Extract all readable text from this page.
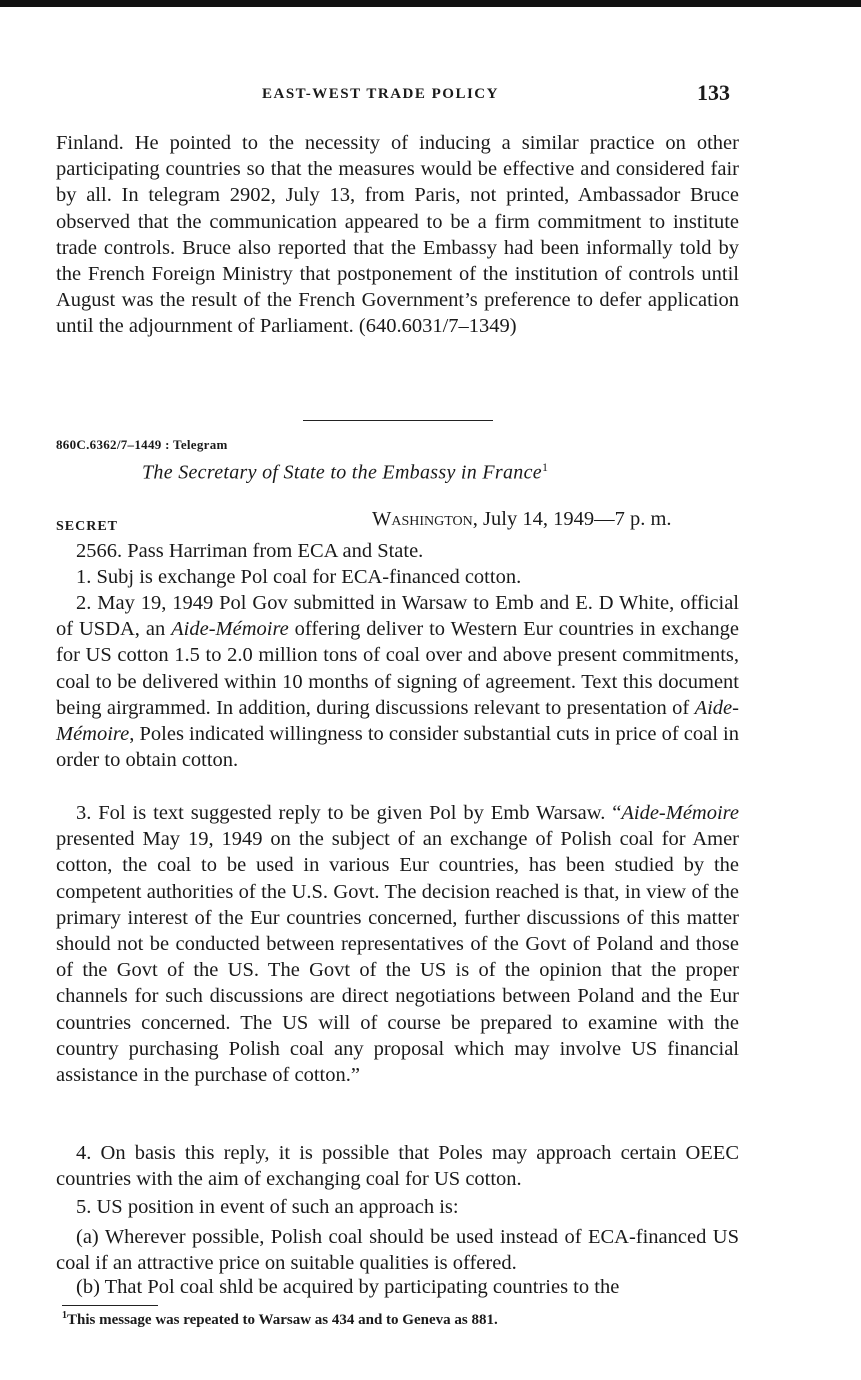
EAST-WEST TRADE POLICY	133
Finland. He pointed to the necessity of inducing a similar practice on other participating countries so that the measures would be effective and considered fair by all. In telegram 2902, July 13, from Paris, not printed, Ambassador Bruce observed that the communication appeared to be a firm commitment to institute trade controls. Bruce also reported that the Embassy had been informally told by the French Foreign Ministry that postponement of the institution of controls until August was the result of the French Government’s preference to defer application until the adjournment of Parliament. (640.6031/7–1349)
860C.6362/7–1449 : Telegram
The Secretary of State to the Embassy in France$^1$
SECRET	Washington, July 14, 1949—7 p. m.
2566. Pass Harriman from ECA and State.
1. Subj is exchange Pol coal for ECA-financed cotton.
2. May 19, 1949 Pol Gov submitted in Warsaw to Emb and E. D White, official of USDA, an Aide-Mémoire offering deliver to Western Eur countries in exchange for US cotton 1.5 to 2.0 million tons of coal over and above present commitments, coal to be delivered within 10 months of signing of agreement. Text this document being airgrammed. In addition, during discussions relevant to presentation of Aide-Mémoire, Poles indicated willingness to consider substantial cuts in price of coal in order to obtain cotton.
3. Fol is text suggested reply to be given Pol by Emb Warsaw. “Aide-Mémoire presented May 19, 1949 on the subject of an exchange of Polish coal for Amer cotton, the coal to be used in various Eur countries, has been studied by the competent authorities of the U.S. Govt. The decision reached is that, in view of the primary interest of the Eur countries concerned, further discussions of this matter should not be conducted between representatives of the Govt of Poland and those of the Govt of the US. The Govt of the US is of the opinion that the proper channels for such discussions are direct negotiations between Poland and the Eur countries concerned. The US will of course be prepared to examine with the country purchasing Polish coal any proposal which may involve US financial assistance in the purchase of cotton.”
4. On basis this reply, it is possible that Poles may approach certain OEEC countries with the aim of exchanging coal for US cotton.
5. US position in event of such an approach is:
(a) Wherever possible, Polish coal should be used instead of ECA-financed US coal if an attractive price on suitable qualities is offered.
(b) That Pol coal shld be acquired by participating countries to the
$^1$This message was repeated to Warsaw as 434 and to Geneva as 881.
